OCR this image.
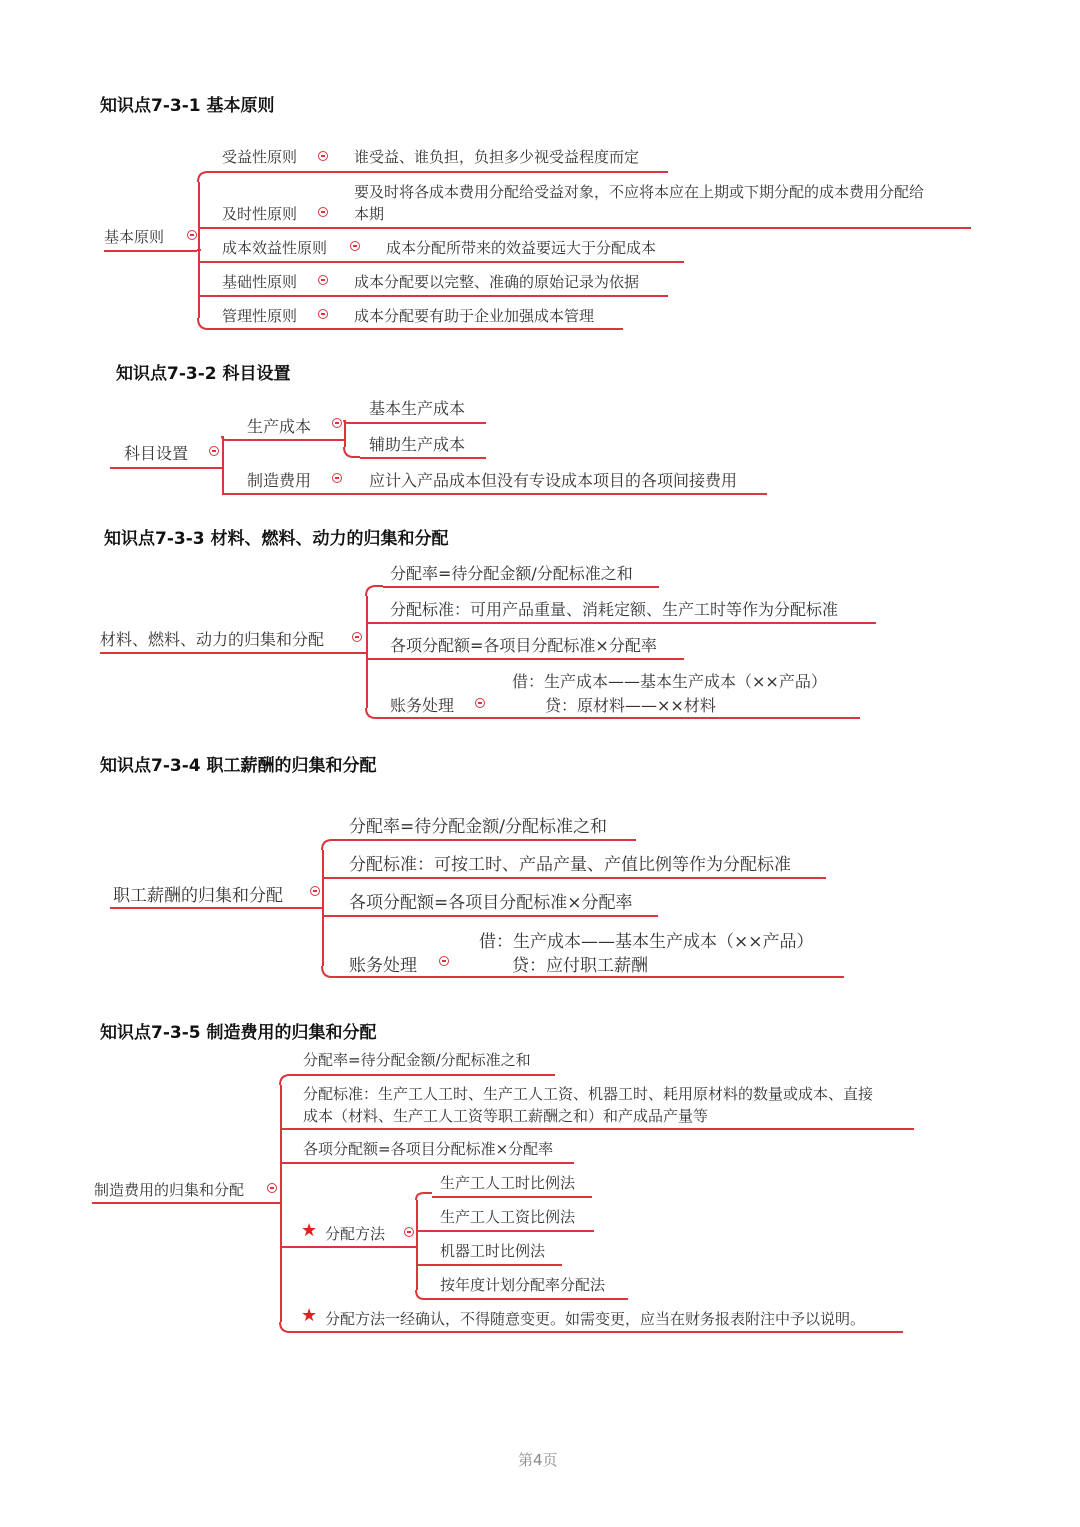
知识点7-3-1 基本原则
基本原则
受益性原则	谁受益、谁负担，负担多少视受益程度而定
要及时将各成本费用分配给受益对象，不应将本应在上期或下期分配的成本费用分配给
本期
及时性原则
成本效益性原则	成本分配所带来的效益要远大于分配成本
基础性原则	成本分配要以完整、准确的原始记录为依据
管理性原则	成本分配要有助于企业加强成本管理
知识点7-3-2 科目设置
科目设置
生产成本
基本生产成本
辅助生产成本
制造费用	应计入产品成本但没有专设成本项目的各项间接费用
知识点7-3-3 材料、燃料、动力的归集和分配
材料、燃料、动力的归集和分配
分配率=待分配金额/分配标准之和
分配标准：可用产品重量、消耗定额、生产工时等作为分配标准
各项分配额=各项目分配标准×分配率
借：生产成本——基本生产成本（××产品）
账务处理	贷：原材料——××材料
知识点7-3-4 职工薪酬的归集和分配
职工薪酬的归集和分配
分配率=待分配金额/分配标准之和
分配标准：可按工时、产品产量、产值比例等作为分配标准
各项分配额=各项目分配标准×分配率
借：生产成本——基本生产成本（××产品）
账务处理	贷：应付职工薪酬
知识点7-3-5 制造费用的归集和分配
制造费用的归集和分配
分配率=待分配金额/分配标准之和
分配标准：生产工人工时、生产工人工资、机器工时、耗用原材料的数量或成本、直接
成本（材料、生产工人工资等职工薪酬之和）和产成品产量等
各项分配额=各项目分配标准×分配率
★ 分配方法
生产工人工时比例法
生产工人工资比例法
机器工时比例法
按年度计划分配率分配法
★ 分配方法一经确认，不得随意变更。如需变更，应当在财务报表附注中予以说明。
第4页
